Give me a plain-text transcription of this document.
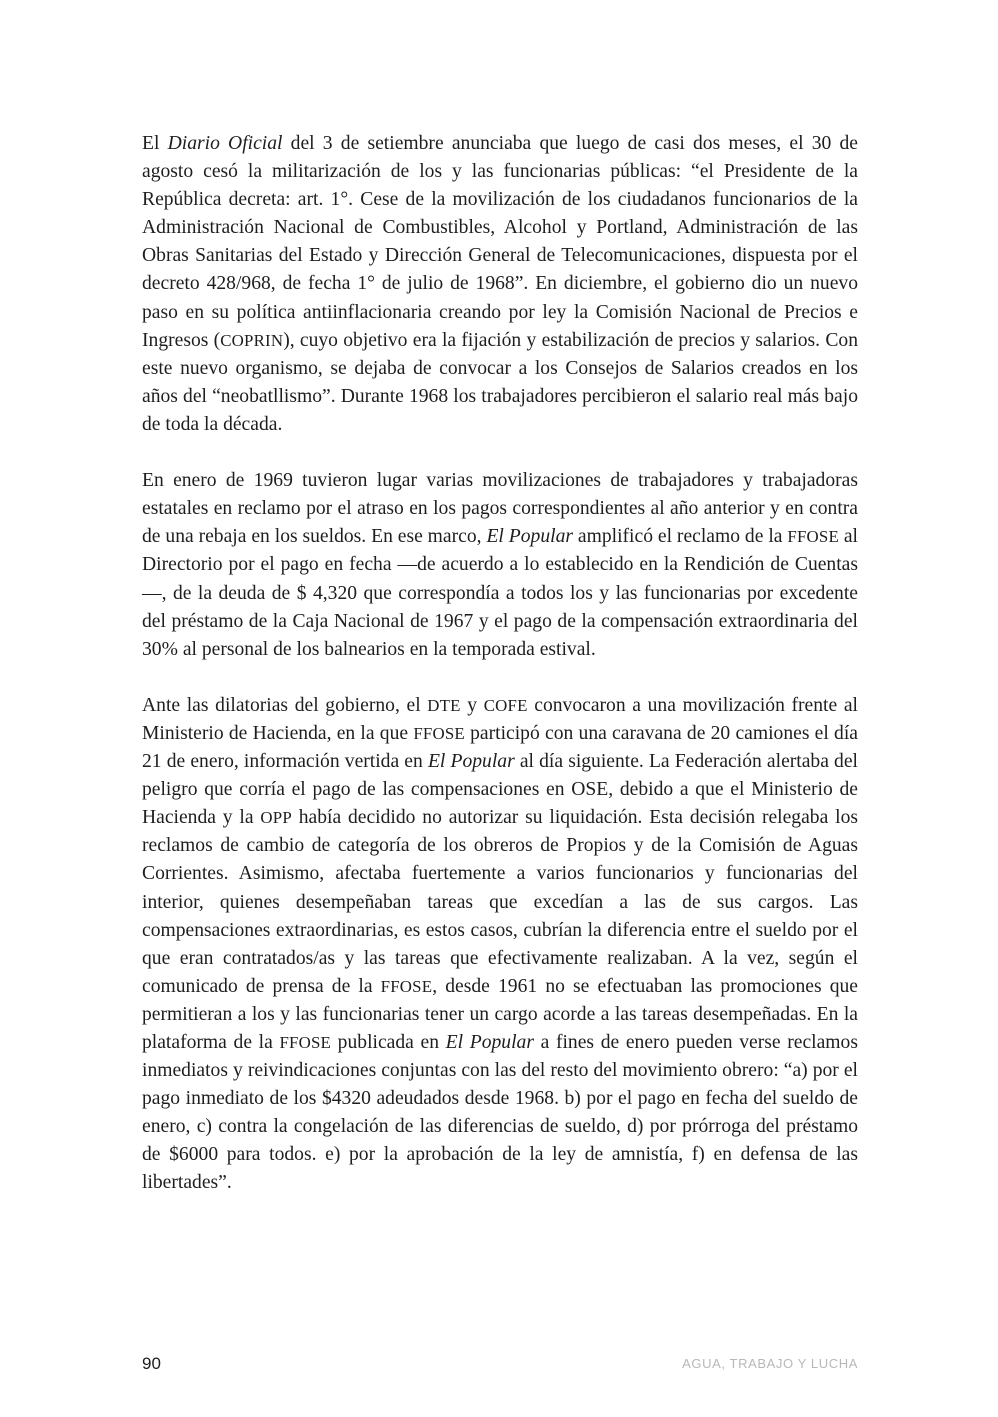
El Diario Oficial del 3 de setiembre anunciaba que luego de casi dos meses, el 30 de agosto cesó la militarización de los y las funcionarias públicas: “el Presidente de la República decreta: art. 1°. Cese de la movilización de los ciudadanos funcionarios de la Administración Nacional de Combustibles, Alcohol y Portland, Administración de las Obras Sanitarias del Estado y Dirección General de Telecomunicaciones, dispuesta por el decreto 428/968, de fecha 1° de julio de 1968”. En diciembre, el gobierno dio un nuevo paso en su política antiinflacionaria creando por ley la Comisión Nacional de Precios e Ingresos (COPRIN), cuyo objetivo era la fijación y estabilización de precios y salarios. Con este nuevo organismo, se dejaba de convocar a los Consejos de Salarios creados en los años del “neobatllismo”. Durante 1968 los trabajadores percibieron el salario real más bajo de toda la década.

En enero de 1969 tuvieron lugar varias movilizaciones de trabajadores y trabajadoras estatales en reclamo por el atraso en los pagos correspondientes al año anterior y en contra de una rebaja en los sueldos. En ese marco, El Popular amplificó el reclamo de la FFOSE al Directorio por el pago en fecha —de acuerdo a lo establecido en la Rendición de Cuentas—, de la deuda de $ 4,320 que correspondía a todos los y las funcionarias por excedente del préstamo de la Caja Nacional de 1967 y el pago de la compensación extraordinaria del 30% al personal de los balnearios en la temporada estival.

Ante las dilatorias del gobierno, el DTE y COFE convocaron a una movilización frente al Ministerio de Hacienda, en la que FFOSE participó con una caravana de 20 camiones el día 21 de enero, información vertida en El Popular al día siguiente. La Federación alertaba del peligro que corría el pago de las compensaciones en OSE, debido a que el Ministerio de Hacienda y la OPP había decidido no autorizar su liquidación. Esta decisión relegaba los reclamos de cambio de categoría de los obreros de Propios y de la Comisión de Aguas Corrientes. Asimismo, afectaba fuertemente a varios funcionarios y funcionarias del interior, quienes desempeñaban tareas que excedían a las de sus cargos. Las compensaciones extraordinarias, es estos casos, cubrían la diferencia entre el sueldo por el que eran contratados/as y las tareas que efectivamente realizaban. A la vez, según el comunicado de prensa de la FFOSE, desde 1961 no se efectuaban las promociones que permitieran a los y las funcionarias tener un cargo acorde a las tareas desempeñadas. En la plataforma de la FFOSE publicada en El Popular a fines de enero pueden verse reclamos inmediatos y reivindicaciones conjuntas con las del resto del movimiento obrero: “a) por el pago inmediato de los $4320 adeudados desde 1968. b) por el pago en fecha del sueldo de enero, c) contra la congelación de las diferencias de sueldo, d) por prórroga del préstamo de $6000 para todos. e) por la aprobación de la ley de amnistía, f) en defensa de las libertades”.

90	AGUA, TRABAJO Y LUCHA
